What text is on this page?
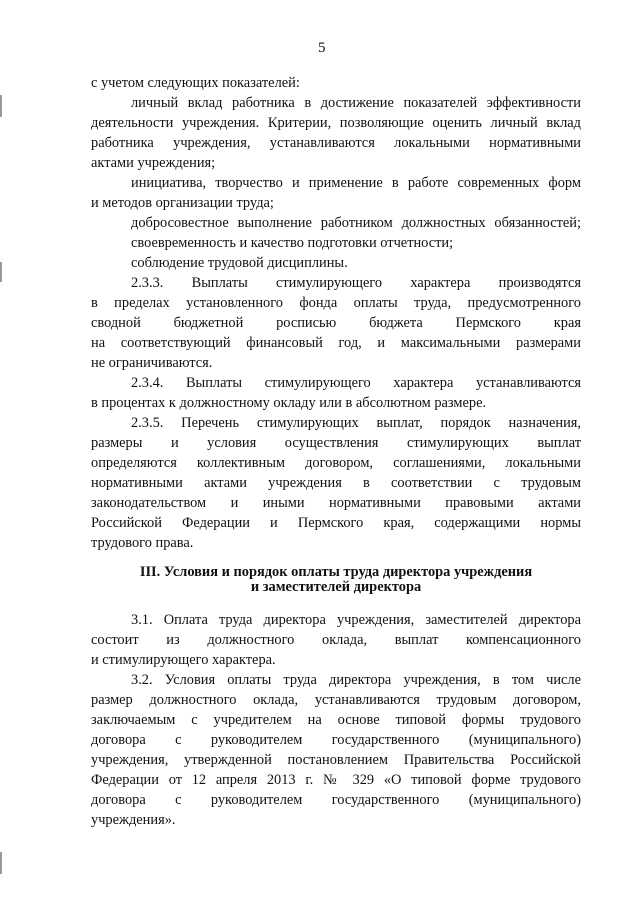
5
с учетом следующих показателей:
личный вклад работника в достижение показателей эффективности
деятельности учреждения. Критерии, позволяющие оценить личный вклад
работника учреждения, устанавливаются локальными нормативными
актами учреждения;
инициатива, творчество и применение в работе современных форм
и методов организации труда;
добросовестное выполнение работником должностных обязанностей;
своевременность и качество подготовки отчетности;
соблюдение трудовой дисциплины.
2.3.3. Выплаты стимулирующего характера производятся
в пределах установленного фонда оплаты труда, предусмотренного
сводной бюджетной росписью бюджета Пермского края
на соответствующий финансовый год, и максимальными размерами
не ограничиваются.
2.3.4. Выплаты стимулирующего характера устанавливаются
в процентах к должностному окладу или в абсолютном размере.
2.3.5. Перечень стимулирующих выплат, порядок назначения,
размеры и условия осуществления стимулирующих выплат
определяются коллективным договором, соглашениями, локальными
нормативными актами учреждения в соответствии с трудовым
законодательством и иными нормативными правовыми актами
Российской Федерации и Пермского края, содержащими нормы
трудового права.
III. Условия и порядок оплаты труда директора учреждения
и заместителей директора
3.1. Оплата труда директора учреждения, заместителей директора
состоит из должностного оклада, выплат компенсационного
и стимулирующего характера.
3.2. Условия оплаты труда директора учреждения, в том числе
размер должностного оклада, устанавливаются трудовым договором,
заключаемым с учредителем на основе типовой формы трудового
договора с руководителем государственного (муниципального)
учреждения, утвержденной постановлением Правительства Российской
Федерации от 12 апреля 2013 г. № 329 «О типовой форме трудового
договора с руководителем государственного (муниципального)
учреждения».
